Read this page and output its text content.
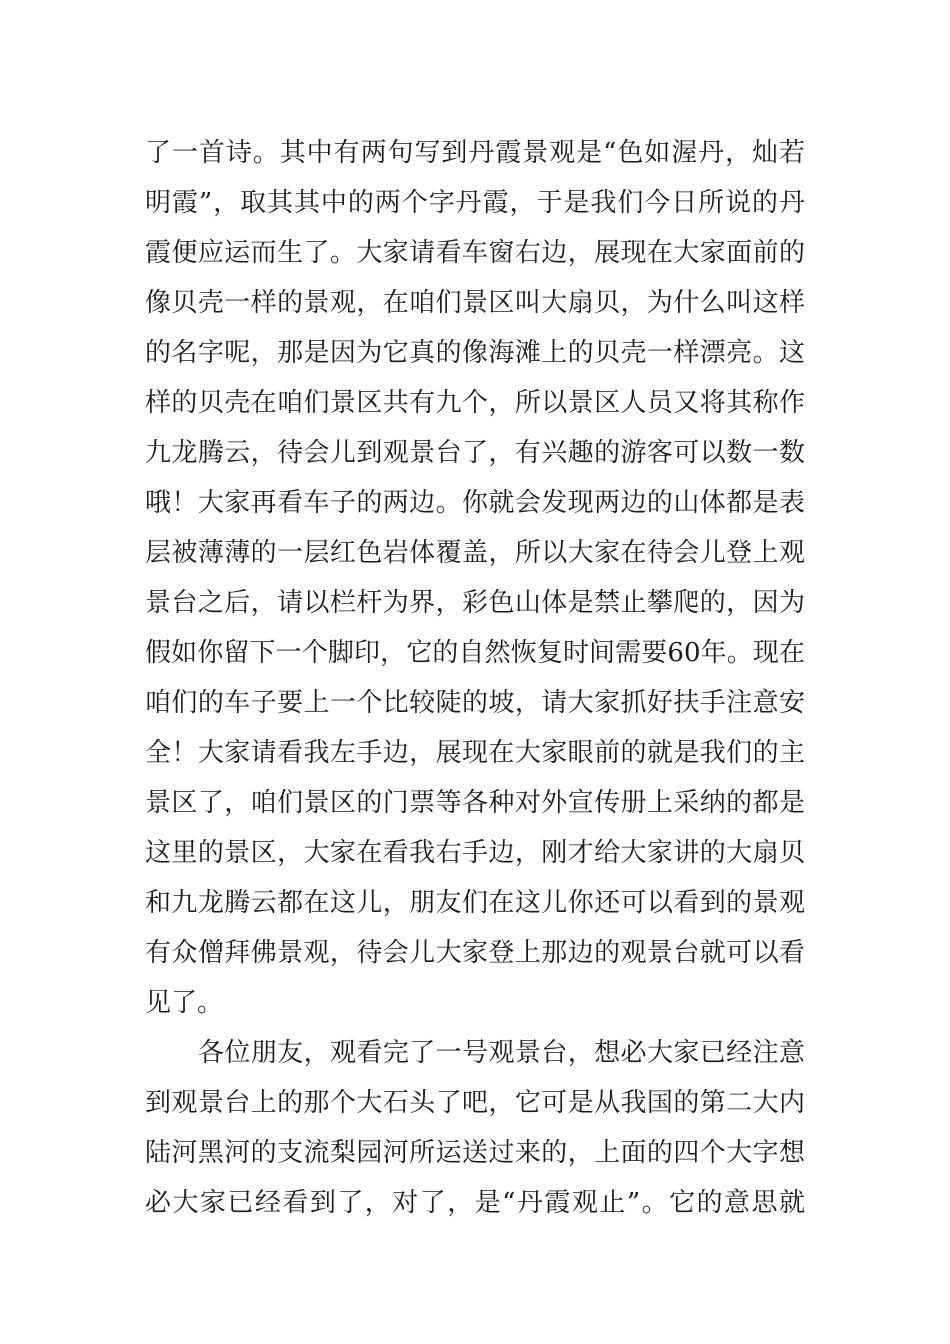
了一首诗。其中有两句写到丹霞景观是“色如渥丹，灿若
明霞”，取其其中的两个字丹霞，于是我们今日所说的丹
霞便应运而生了。大家请看车窗右边，展现在大家面前的
像贝壳一样的景观，在咱们景区叫大扇贝，为什么叫这样
的名字呢，那是因为它真的像海滩上的贝壳一样漂亮。这
样的贝壳在咱们景区共有九个，所以景区人员又将其称作
九龙腾云，待会儿到观景台了，有兴趣的游客可以数一数
哦！大家再看车子的两边。你就会发现两边的山体都是表
层被薄薄的一层红色岩体覆盖，所以大家在待会儿登上观
景台之后，请以栏杆为界，彩色山体是禁止攀爬的，因为
假如你留下一个脚印，它的自然恢复时间需要60年。现在
咱们的车子要上一个比较陡的坡，请大家抓好扶手注意安
全！大家请看我左手边，展现在大家眼前的就是我们的主
景区了，咱们景区的门票等各种对外宣传册上采纳的都是
这里的景区，大家在看我右手边，刚才给大家讲的大扇贝
和九龙腾云都在这儿，朋友们在这儿你还可以看到的景观
有众僧拜佛景观，待会儿大家登上那边的观景台就可以看
见了。
各位朋友，观看完了一号观景台，想必大家已经注意
到观景台上的那个大石头了吧，它可是从我国的第二大内
陆河黑河的支流梨园河所运送过来的，上面的四个大字想
必大家已经看到了，对了，是“丹霞观止”。它的意思就
